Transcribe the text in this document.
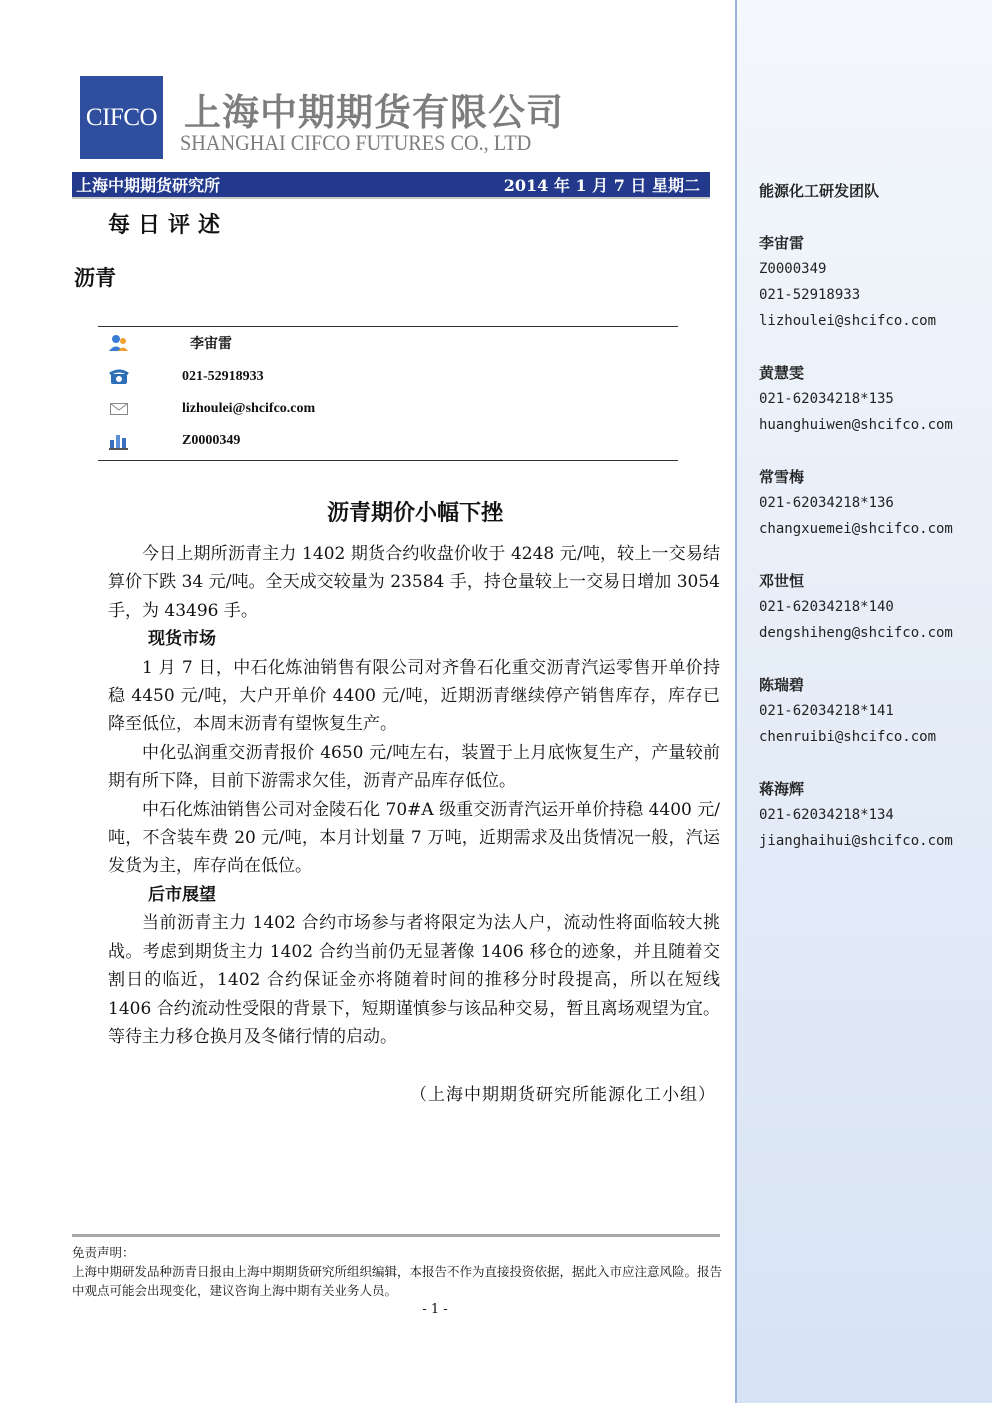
CIFCO 上海中期期货有限公司
SHANGHAI CIFCO FUTURES CO., LTD
上海中期期货研究所	2014 年 1 月 7 日 星期二
每日评述
沥青
李宙雷
021-52918933
lizhoulei@shcifco.com
Z0000349
沥青期价小幅下挫

今日上期所沥青主力 1402 期货合约收盘价收于 4248 元/吨，较上一交易结算价下跌 34 元/吨。全天成交较量为 23584 手，持仓量较上一交易日增加 3054 手，为 43496 手。

现货市场

1 月 7 日，中石化炼油销售有限公司对齐鲁石化重交沥青汽运零售开单价持稳 4450 元/吨，大户开单价 4400 元/吨，近期沥青继续停产销售库存，库存已降至低位，本周末沥青有望恢复生产。

中化弘润重交沥青报价 4650 元/吨左右，装置于上月底恢复生产，产量较前期有所下降，目前下游需求欠佳，沥青产品库存低位。

中石化炼油销售公司对金陵石化 70#A 级重交沥青汽运开单价持稳 4400 元/吨，不含装车费 20 元/吨，本月计划量 7 万吨，近期需求及出货情况一般，汽运发货为主，库存尚在低位。

后市展望

当前沥青主力 1402 合约市场参与者将限定为法人户，流动性将面临较大挑战。考虑到期货主力 1402 合约当前仍无显著像 1406 移仓的迹象，并且随着交割日的临近，1402 合约保证金亦将随着时间的推移分时段提高，所以在短线 1406 合约流动性受限的背景下，短期谨慎参与该品种交易，暂且离场观望为宜。等待主力移仓换月及冬储行情的启动。

（上海中期期货研究所能源化工小组）
免责声明：
上海中期研发品种沥青日报由上海中期期货研究所组织编辑，本报告不作为直接投资依据，据此入市应注意风险。报告中观点可能会出现变化，建议咨询上海中期有关业务人员。
- 1 -
能源化工研发团队
李宙雷
Z0000349
021-52918933
lizhoulei@shcifco.com
黄慧雯
021-62034218*135
huanghuiwen@shcifco.com
常雪梅
021-62034218*136
changxuemei@shcifco.com
邓世恒
021-62034218*140
dengshiheng@shcifco.com
陈瑞碧
021-62034218*141
chenruibi@shcifco.com
蒋海辉
021-62034218*134
jianghaihui@shcifco.com
